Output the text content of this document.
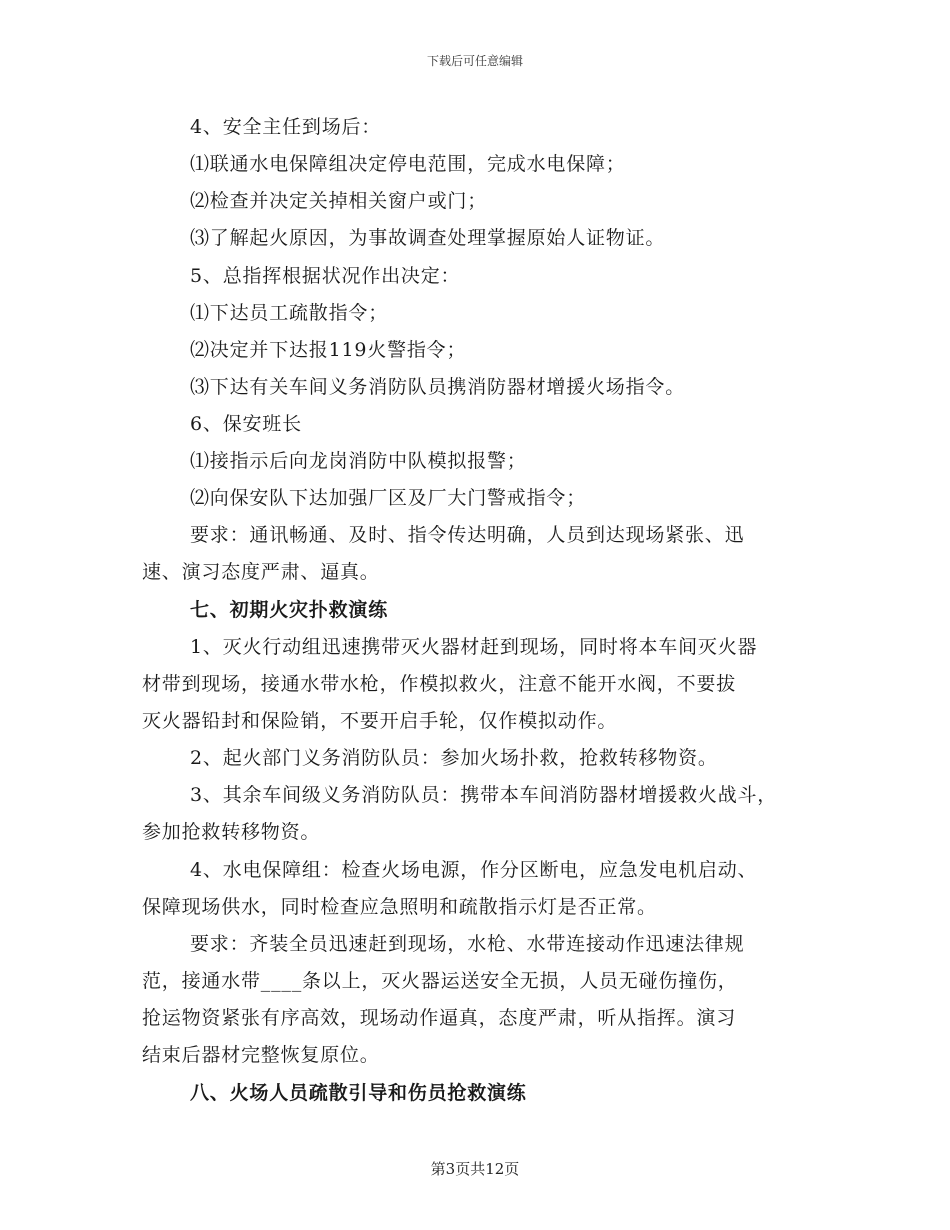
下载后可任意编辑
4、安全主任到场后：
⑴联通水电保障组决定停电范围，完成水电保障；
⑵检查并决定关掉相关窗户或门；
⑶了解起火原因，为事故调查处理掌握原始人证物证。
5、总指挥根据状况作出决定：
⑴下达员工疏散指令；
⑵决定并下达报119火警指令；
⑶下达有关车间义务消防队员携消防器材增援火场指令。
6、保安班长
⑴接指示后向龙岗消防中队模拟报警；
⑵向保安队下达加强厂区及厂大门警戒指令；
要求：通讯畅通、及时、指令传达明确，人员到达现场紧张、迅
速、演习态度严肃、逼真。
七、初期火灾扑救演练
1、灭火行动组迅速携带灭火器材赶到现场，同时将本车间灭火器
材带到现场，接通水带水枪，作模拟救火，注意不能开水阀，不要拔
灭火器铅封和保险销，不要开启手轮，仅作模拟动作。
2、起火部门义务消防队员：参加火场扑救，抢救转移物资。
3、其余车间级义务消防队员：携带本车间消防器材增援救火战斗，
参加抢救转移物资。
4、水电保障组：检查火场电源，作分区断电，应急发电机启动、
保障现场供水，同时检查应急照明和疏散指示灯是否正常。
要求：齐装全员迅速赶到现场，水枪、水带连接动作迅速法律规
范，接通水带____条以上，灭火器运送安全无损，人员无碰伤撞伤，
抢运物资紧张有序高效，现场动作逼真，态度严肃，听从指挥。演习
结束后器材完整恢复原位。
八、火场人员疏散引导和伤员抢救演练
第3页共12页
